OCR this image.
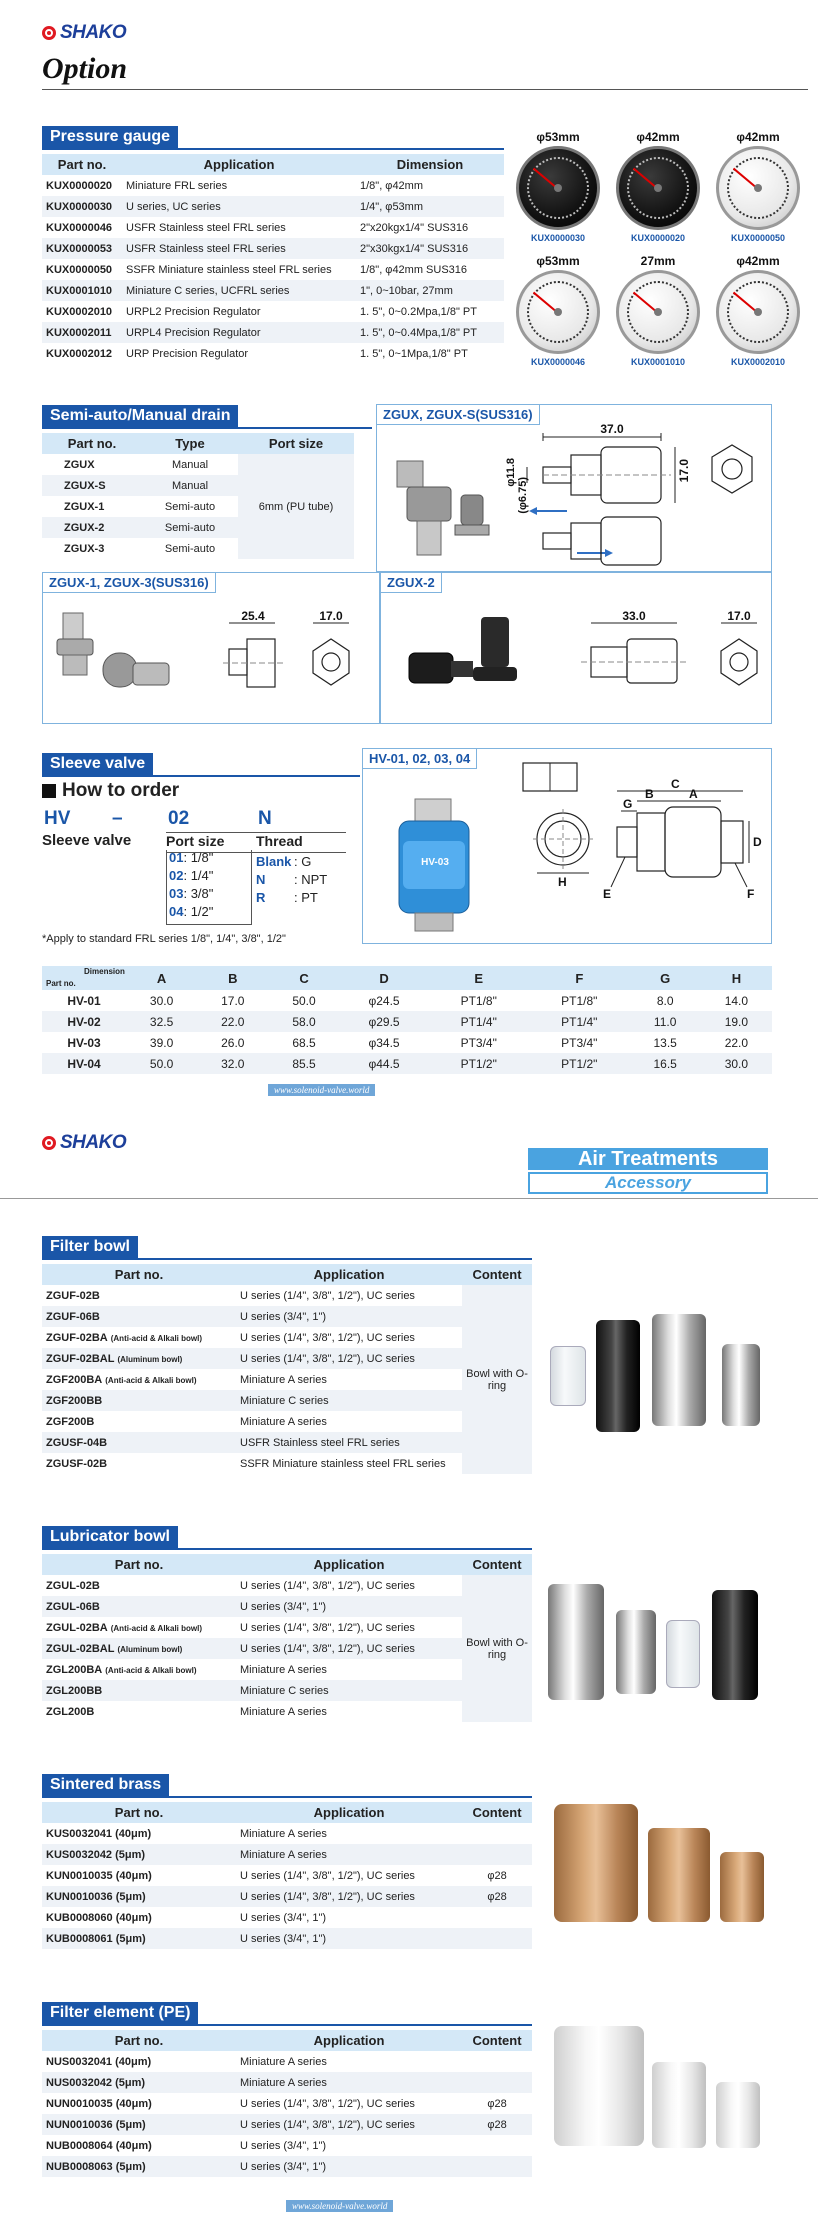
SHAKO
Option
Pressure gauge
Part no.	Application	Dimension
KUX0000020	Miniature FRL series	1/8", φ42mm
KUX0000030	U series, UC series	1/4", φ53mm
KUX0000046	USFR Stainless steel FRL series	2"x20kgx1/4" SUS316
KUX0000053	USFR Stainless steel FRL series	2"x30kgx1/4" SUS316
KUX0000050	SSFR Miniature stainless steel FRL series	1/8", φ42mm SUS316
KUX0001010	Miniature C series, UCFRL series	1", 0~10bar, 27mm
KUX0002010	URPL2 Precision Regulator	1. 5", 0~0.2Mpa,1/8" PT
KUX0002011	URPL4 Precision Regulator	1. 5", 0~0.4Mpa,1/8" PT
KUX0002012	URP Precision Regulator	1. 5", 0~1Mpa,1/8" PT
φ53mm
KUX0000030
φ42mm
KUX0000020
φ42mm
KUX0000050
φ53mm
KUX0000046
27mm
KUX0001010
φ42mm
KUX0002010
Semi-auto/Manual drain
Part no.	Type	Port size
ZGUX	Manual	6mm (PU tube)
ZGUX-S	Manual	
ZGUX-1	Semi-auto	
ZGUX-2	Semi-auto	
ZGUX-3	Semi-auto	
ZGUX, ZGUX-S(SUS316)
37.0
φ11.8
(φ6.75)
17.0
ZGUX-1, ZGUX-3(SUS316)
25.4	17.0
ZGUX-2
33.0	17.0
Sleeve valve
How to order
HV – 02	N
Sleeve valve Port size Thread
01: 1/8"
02: 1/4"
03: 3/8"
04: 1/2"
Blank : G
N : NPT
R : PT
*Apply to standard FRL series 1/8", 1/4", 3/8", 1/2"
HV-01, 02, 03, 04
HV-03
C
B	A
G
D
H
E	F
Part no.
Dimension	A	B	C	D	E	F	G	H
HV-01	30.0	17.0	50.0	φ24.5	PT1/8"	PT1/8"	8.0	14.0
HV-02	32.5	22.0	58.0	φ29.5	PT1/4"	PT1/4"	11.0	19.0
HV-03	39.0	26.0	68.5	φ34.5	PT3/4"	PT3/4"	13.5	22.0
HV-04	50.0	32.0	85.5	φ44.5	PT1/2"	PT1/2"	16.5	30.0
www.solenoid-valve.world
SHAKO
Air Treatments
Accessory
Filter bowl
Part no.	Application	Content
ZGUF-02B	U series (1/4", 3/8", 1/2"), UC series	Bowl with O-ring
ZGUF-06B	U series (3/4", 1")	
ZGUF-02BA (Anti-acid & Alkali bowl)	U series (1/4", 3/8", 1/2"), UC series	
ZGUF-02BAL (Aluminum bowl)	U series (1/4", 3/8", 1/2"), UC series	
ZGF200BA (Anti-acid & Alkali bowl)	Miniature A series	
ZGF200BB	Miniature C series	
ZGF200B	Miniature A series	
ZGUSF-04B	USFR Stainless steel FRL series	
ZGUSF-02B	SSFR Miniature stainless steel FRL series	
Lubricator bowl
Part no.	Application	Content
ZGUL-02B	U series (1/4", 3/8", 1/2"), UC series	Bowl with O-ring
ZGUL-06B	U series (3/4", 1")	
ZGUL-02BA (Anti-acid & Alkali bowl)	U series (1/4", 3/8", 1/2"), UC series	
ZGUL-02BAL (Aluminum bowl)	U series (1/4", 3/8", 1/2"), UC series	
ZGL200BA (Anti-acid & Alkali bowl)	Miniature A series	
ZGL200BB	Miniature C series	
ZGL200B	Miniature A series	
Sintered brass
Part no.	Application	Content
KUS0032041 (40μm)	Miniature A series	
KUS0032042 (5μm)	Miniature A series	
KUN0010035 (40μm)	U series (1/4", 3/8", 1/2"), UC series	φ28
KUN0010036 (5μm)	U series (1/4", 3/8", 1/2"), UC series	φ28
KUB0008060 (40μm)	U series (3/4", 1")	
KUB0008061 (5μm)	U series (3/4", 1")	
Filter element (PE)
Part no.	Application	Content
NUS0032041 (40μm)	Miniature A series	
NUS0032042 (5μm)	Miniature A series	
NUN0010035 (40μm)	U series (1/4", 3/8", 1/2"), UC series	φ28
NUN0010036 (5μm)	U series (1/4", 3/8", 1/2"), UC series	φ28
NUB0008064 (40μm)	U series (3/4", 1")	
NUB0008063 (5μm)	U series (3/4", 1")	
www.solenoid-valve.world
